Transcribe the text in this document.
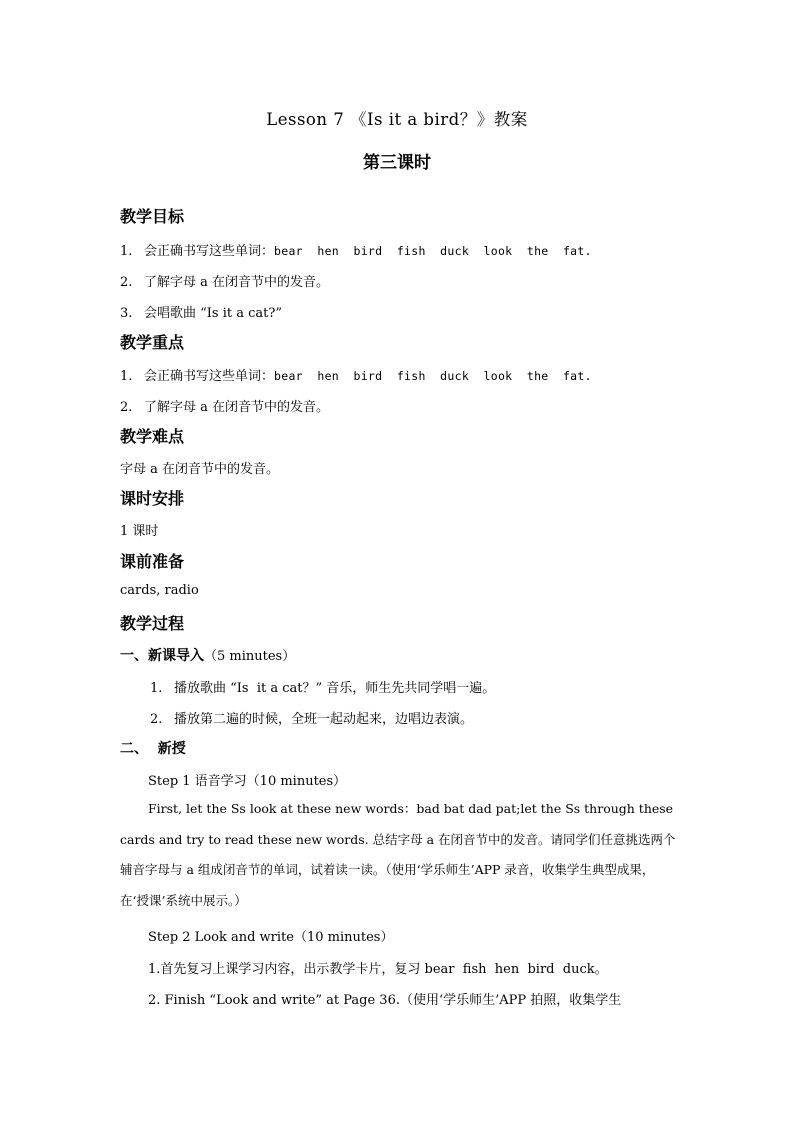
Lesson 7 《Is it a bird？》教案
第三课时
教学目标
1. 会正确书写这些单词：bear  hen  bird  fish  duck  look  the  fat.
2. 了解字母 a 在闭音节中的发音。
3. 会唱歌曲 “Is it a cat?”
教学重点
1. 会正确书写这些单词：bear  hen  bird  fish  duck  look  the  fat.
2. 了解字母 a 在闭音节中的发音。
教学难点
字母 a 在闭音节中的发音。
课时安排
1 课时
课前准备
cards, radio
教学过程
一、新课导入（5 minutes）
1. 播放歌曲 “Is  it a cat？” 音乐，师生先共同学唱一遍。
2. 播放第二遍的时候，全班一起动起来，边唱边表演。
二、  新授
Step 1 语音学习（10 minutes）
First, let the Ss look at these new words：bad bat dad pat;let the Ss through these cards and try to read these new words. 总结字母 a 在闭音节中的发音。请同学们任意挑选两个辅音字母与 a 组成闭音节的单词，试着读一读。（使用‘学乐师生’APP 录音，收集学生典型成果，在‘授课’系统中展示。）
Step 2 Look and write（10 minutes）
1.首先复习上课学习内容，出示教学卡片，复习 bear  fish  hen  bird  duck。
2. Finish “Look and write” at Page 36.（使用‘学乐师生’APP 拍照，收集学生
